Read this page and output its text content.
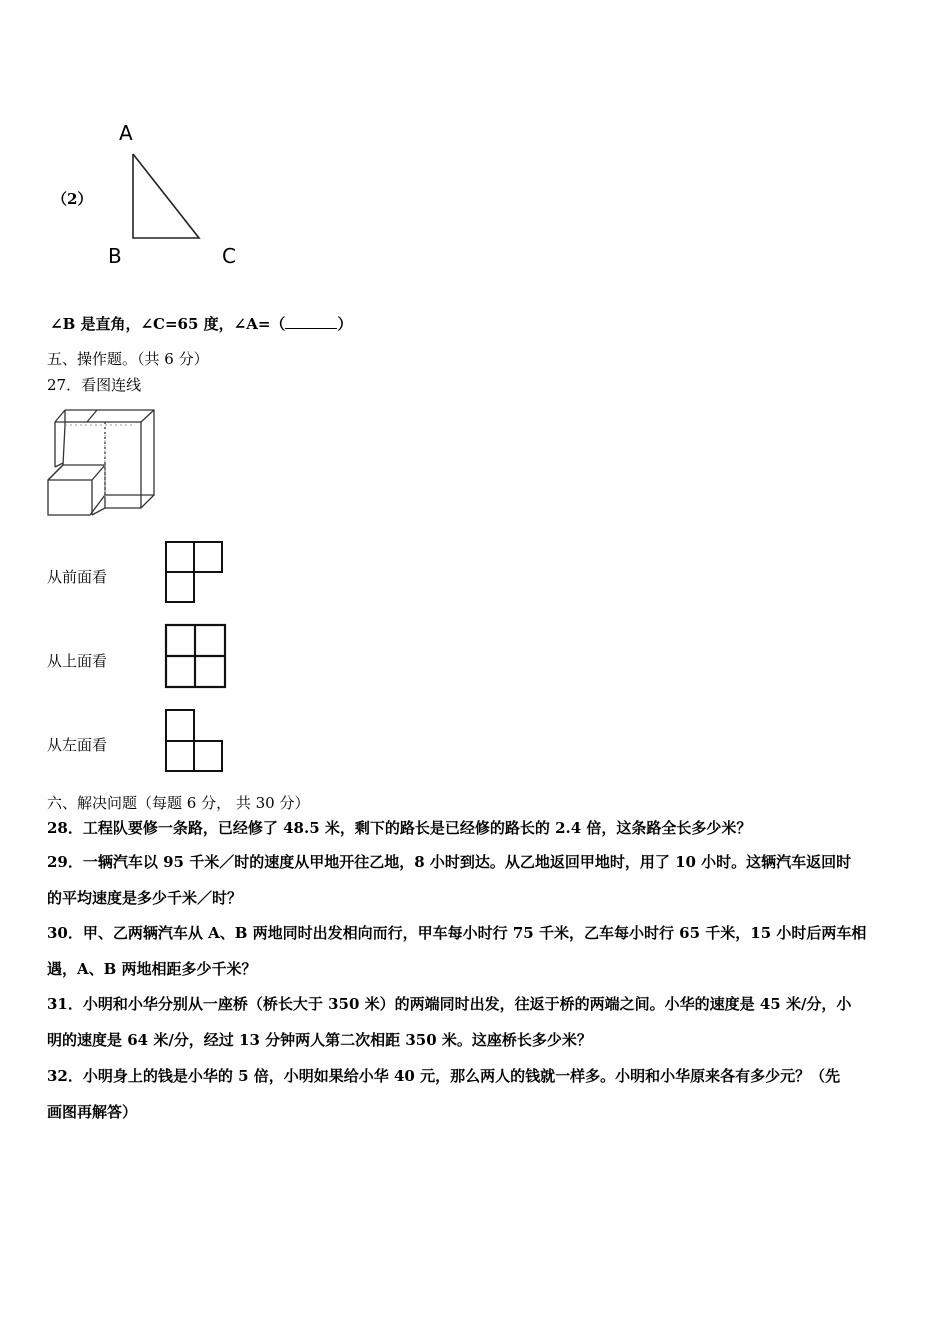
（2）
A
B	C
∠B 是直角，∠C=65 度，∠A=（	）
五、操作题。（共 6 分）
27．看图连线
从前面看
从上面看
从左面看
六、解决问题（每题 6 分， 共 30 分）
28．工程队要修一条路，已经修了 48.5 米，剩下的路长是已经修的路长的 2.4 倍，这条路全长多少米？
29．一辆汽车以 95 千米／时的速度从甲地开往乙地，8 小时到达。从乙地返回甲地时，用了 10 小时。这辆汽车返回时
的平均速度是多少千米／时？
30．甲、乙两辆汽车从 A、B 两地同时出发相向而行，甲车每小时行 75 千米，乙车每小时行 65 千米，15 小时后两车相
遇，A、B 两地相距多少千米？
31．小明和小华分别从一座桥（桥长大于 350 米）的两端同时出发，往返于桥的两端之间。小华的速度是 45 米/分，小
明的速度是 64 米/分，经过 13 分钟两人第二次相距 350 米。这座桥长多少米？
32．小明身上的钱是小华的 5 倍，小明如果给小华 40 元，那么两人的钱就一样多。小明和小华原来各有多少元？（先
画图再解答）
